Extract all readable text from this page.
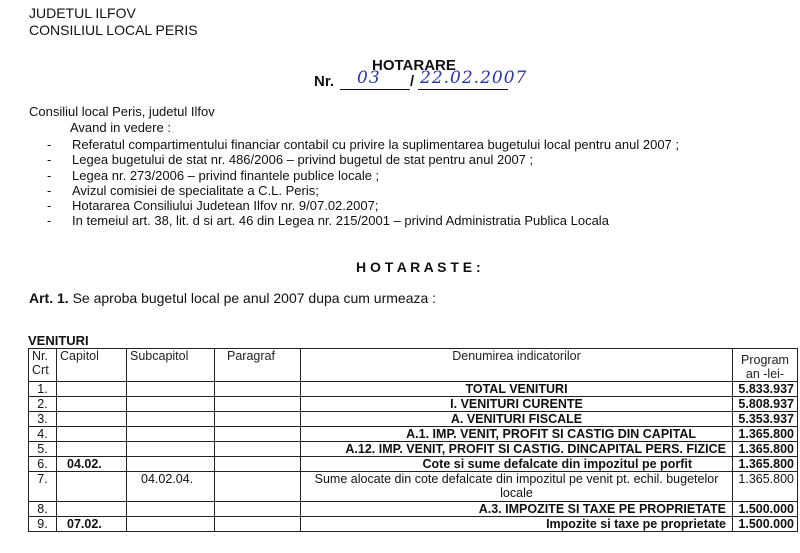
JUDETUL ILFOV
CONSILIUL LOCAL PERIS
HOTARARE
Nr. 03 / 22.02.2007
Consiliul local Peris, judetul Ilfov
Avand in vedere :
- Referatul compartimentului financiar contabil cu privire la suplimentarea bugetului local pentru anul 2007 ;
- Legea bugetului de stat nr. 486/2006 – privind bugetul de stat pentru anul 2007 ;
- Legea nr. 273/2006 – privind finantele publice locale ;
- Avizul comisiei de specialitate a C.L. Peris;
- Hotararea Consiliului Judetean Ilfov nr. 9/07.02.2007;
- In temeiul art. 38, lit. d si art. 46 din Legea nr. 215/2001 – privind Administratia Publica Locala
H O T A R A S T E :
Art. 1. Se aproba bugetul local pe anul 2007 dupa cum urmeaza :
VENITURI
Nr. Crt	Capitol	Subcapitol	Paragraf	Denumirea indicatorilor	Program an -lei-
1.				TOTAL VENITURI	5.833.937
2.				I. VENITURI CURENTE	5.808.937
3.				A. VENITURI FISCALE	5.353.937
4.				A.1. IMP. VENIT, PROFIT SI CASTIG DIN CAPITAL	1.365.800
5.				A.12. IMP. VENIT, PROFIT SI CASTIG. DINCAPITAL PERS. FIZICE	1.365.800
6.	04.02.			Cote si sume defalcate din impozitul pe porfit	1.365.800
7.		04.02.04.		Sume alocate din cote defalcate din impozitul pe venit pt. echil. bugetelor locale	1.365.800
8.				A.3. IMPOZITE SI TAXE PE PROPRIETATE	1.500.000
9.	07.02.			Impozite si taxe pe proprietate	1.500.000
